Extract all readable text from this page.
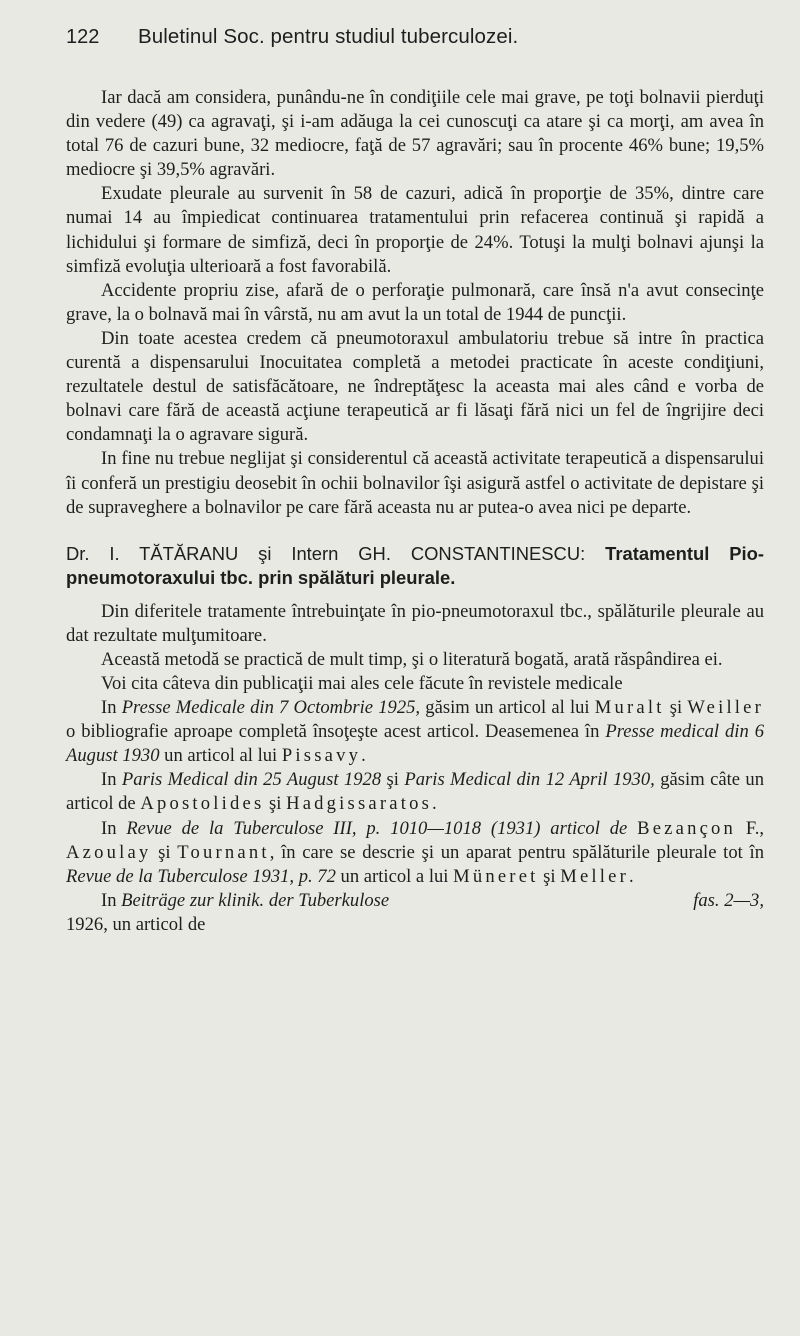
122 Buletinul Soc. pentru studiul tuberculozei.

Iar dacă am considera, punându-ne în condiţiile cele mai grave, pe toţi bolnavii pierduţi din vedere (49) ca agravaţi, şi i-am adăuga la cei cunoscuţi ca atare şi ca morţi, am avea în total 76 de cazuri bune, 32 mediocre, faţă de 57 agravări; sau în procente 46% bune; 19,5% mediocre şi 39,5% agravări.

Exudate pleurale au survenit în 58 de cazuri, adică în proporţie de 35%, dintre care numai 14 au împiedicat continuarea tratamentului prin refacerea continuă şi rapidă a lichidului şi formare de simfiză, deci în proporţie de 24%. Totuşi la mulţi bolnavi ajunşi la simfiză evoluţia ulterioară a fost favorabilă.

Accidente propriu zise, afară de o perforaţie pulmonară, care însă n'a avut consecinţe grave, la o bolnavă mai în vârstă, nu am avut la un total de 1944 de puncţii.

Din toate acestea credem că pneumotoraxul ambulatoriu trebue să intre în practica curentă a dispensarului Inocuitatea completă a metodei practicate în aceste condiţiuni, rezultatele destul de satisfăcătoare, ne îndreptăţesc la aceasta mai ales când e vorba de bolnavi care fără de această acţiune terapeutică ar fi lăsaţi fără nici un fel de îngrijire deci condamnaţi la o agravare sigură.

In fine nu trebue neglijat şi considerentul că această activitate terapeutică a dispensarului îi conferă un prestigiu deosebit în ochii bolnavilor îşi asigură astfel o activitate de depistare şi de supraveghere a bolnavilor pe care fără aceasta nu ar putea-o avea nici pe departe.

Dr. I. TĂTĂRANU şi Intern GH. CONSTANTINESCU: Tratamentul Pio-pneumotoraxului tbc. prin spălături pleurale.

Din diferitele tratamente întrebuinţate în pio-pneumotoraxul tbc., spălăturile pleurale au dat rezultate mulţumitoare.

Această metodă se practică de mult timp, şi o literatură bogată, arată răspândirea ei.

Voi cita câteva din publicaţii mai ales cele făcute în revistele medicale

In Presse Medicale din 7 Octombrie 1925, găsim un articol al lui Muralt şi Weiller o bibliografie aproape completă însoţeşte acest articol. Deasemenea în Presse medical din 6 August 1930 un articol al lui Pissavy.

In Paris Medical din 25 August 1928 şi Paris Medical din 12 April 1930, găsim câte un articol de Apostolides şi Hadgissaratos.

In Revue de la Tuberculose III, p. 1010—1018 (1931) articol de Bezançon F., Azoulay şi Tournant, în care se descrie şi un aparat pentru spălăturile pleurale tot în Revue de la Tuberculose 1931, p. 72 un articol a lui Müneret şi Meller.

In Beiträge zur klinik. der Tuberkulose	fas. 2—3,

1926, un articol de
